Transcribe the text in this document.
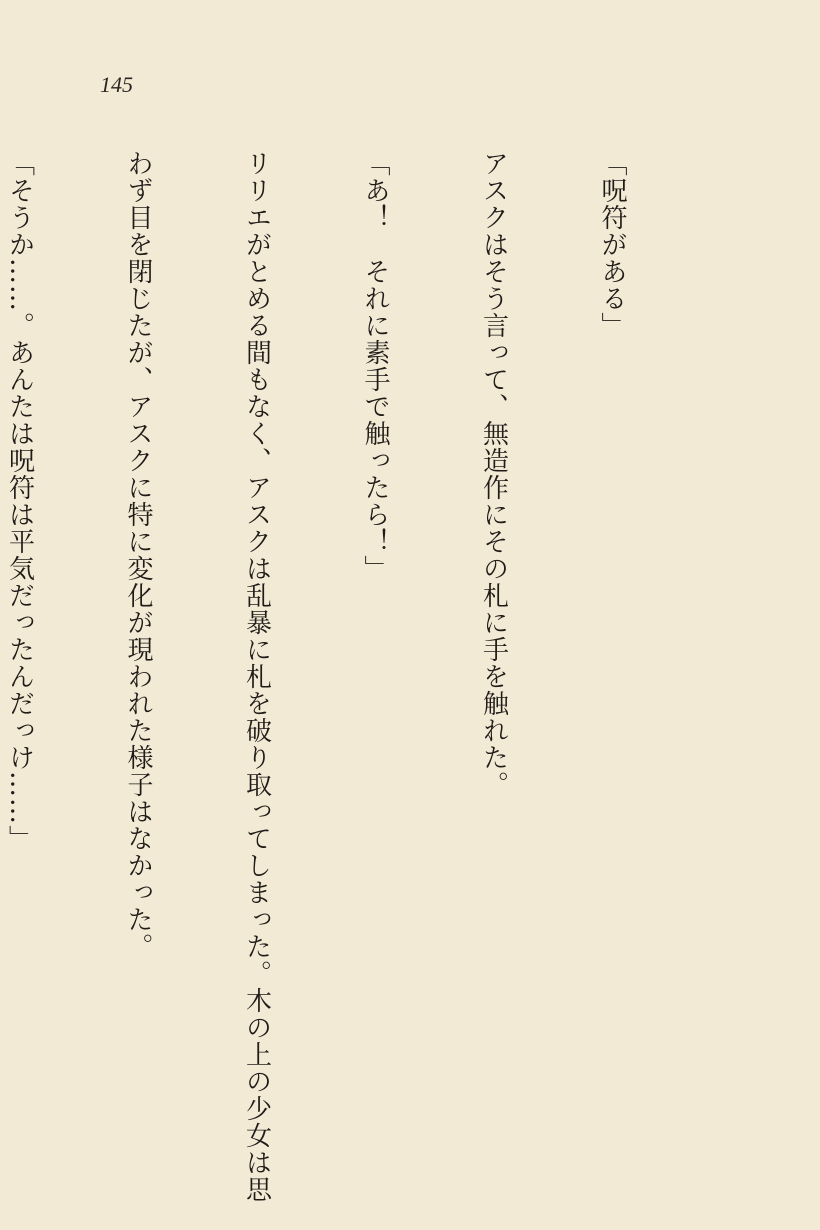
145

「呪符がある」

アスクはそう言って、無造作にその札に手を触れた。

「あ！　それに素手で触ったら！」

リリエがとめる間もなく、アスクは乱暴に札を破り取ってしまった。木の上の少女は思

わず目を閉じたが、アスクに特に変化が現われた様子はなかった。

「そうか……。あんたは呪符は平気だったんだっけ……」
